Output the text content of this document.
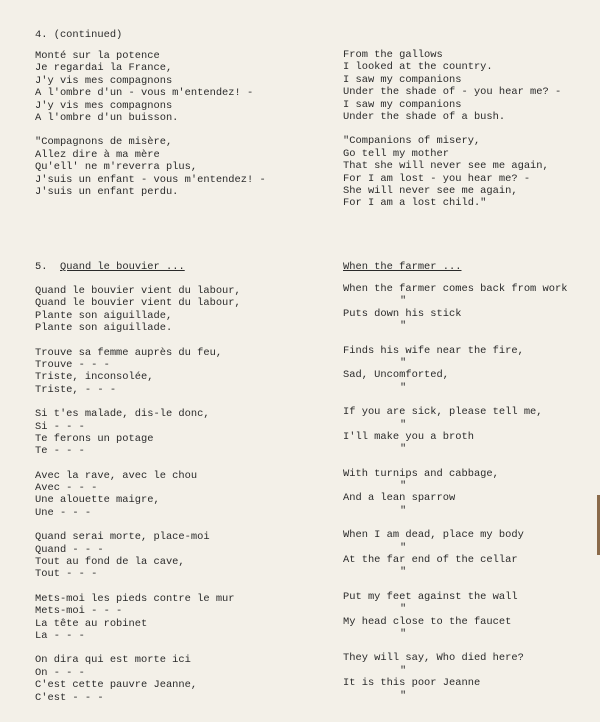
4. (continued)
Monté sur la potence
Je regardai la France,
J'y vis mes compagnons
A l'ombre d'un - vous m'entendez! -
J'y vis mes compagnons
A l'ombre d'un buisson.
"Compagnons de misère,
Allez dire à ma mère
Qu'ell' ne m'reverra plus,
J'suis un enfant - vous m'entendez! -
J'suis un enfant perdu.
From the gallows
I looked at the country.
I saw my companions
Under the shade of - you hear me? -
I saw my companions
Under the shade of a bush.
"Companions of misery,
Go tell my mother
That she will never see me again,
For I am lost - you hear me? -
She will never see me again,
For I am a lost child."
5. Quand le bouvier ...	When the farmer ...
Quand le bouvier vient du labour,
Quand le bouvier vient du labour,
Plante son aiguillade,
Plante son aiguillade.
Trouve sa femme auprès du feu,
Trouve - - -
Triste, inconsolée,
Triste, - - -
Si t'es malade, dis-le donc,
Si - - -
Te ferons un potage
Te - - -
Avec la rave, avec le chou
Avec - - -
Une alouette maigre,
Une - - -
Quand serai morte, place-moi
Quand - - -
Tout au fond de la cave,
Tout - - -
Mets-moi les pieds contre le mur
Mets-moi - - -
La tête au robinet
La - - -
On dira qui est morte ici
On - - -
C'est cette pauvre Jeanne,
C'est - - -
When the farmer comes back from work
"
Puts down his stick
"
Finds his wife near the fire,
"
Sad, Uncomforted,
"
If you are sick, please tell me,
"
I'll make you a broth
"
With turnips and cabbage,
"
And a lean sparrow
"
When I am dead, place my body
"
At the far end of the cellar
"
Put my feet against the wall
"
My head close to the faucet
"
They will say, Who died here?
"
It is this poor Jeanne
"
